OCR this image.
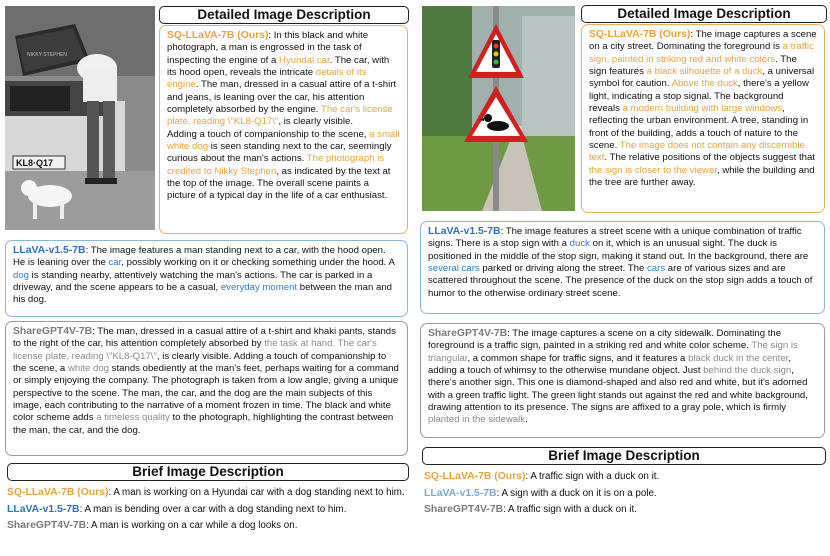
NIKKY STEPHEN
KL8·Q17
Detailed Image Description
SQ-LLaVA-7B (Ours): In this black and white photograph, a man is engrossed in the task of inspecting the engine of a Hyundai car. The car, with its hood open, reveals the intricate details of its engine. The man, dressed in a casual attire of a t-shirt and jeans, is leaning over the car, his attention completely absorbed by the engine. The car's license plate, reading \"KL8-Q17\", is clearly visible.
Adding a touch of companionship to the scene, a small white dog is seen standing next to the car, seemingly curious about the man's actions. The photograph is credited to Nikky Stephen, as indicated by the text at the top of the image. The overall scene paints a picture of a typical day in the life of a car enthusiast.
LLaVA-v1.5-7B: The image features a man standing next to a car, with the hood open. He is leaning over the car, possibly working on it or checking something under the hood. A dog is standing nearby, attentively watching the man's actions. The car is parked in a driveway, and the scene appears to be a casual, everyday moment between the man and his dog.
ShareGPT4V-7B: The man, dressed in a casual attire of a t-shirt and khaki pants, stands to the right of the car, his attention completely absorbed by the task at hand. The car's license plate, reading \"KL8-Q17\", is clearly visible. Adding a touch of companionship to the scene, a white dog stands obediently at the man's feet, perhaps waiting for a command or simply enjoying the company. The photograph is taken from a low angle, giving a unique perspective to the scene. The man, the car, and the dog are the main subjects of this image, each contributing to the narrative of a moment frozen in time. The black and white color scheme adds a timeless quality to the photograph, highlighting the contrast between the man, the car, and the dog.
Brief Image Description
SQ-LLaVA-7B (Ours): A man is working on a Hyundai car with a dog standing next to him.
LLaVA-v1.5-7B: A man is bending over a car with a dog standing next to him.
ShareGPT4V-7B: A man is working on a car while a dog looks on.
Detailed Image Description
SQ-LLaVA-7B (Ours): The image captures a scene on a city street. Dominating the foreground is a traffic sign, painted in striking red and white colors. The sign features a black silhouette of a duck, a universal symbol for caution. Above the duck, there's a yellow light, indicating a stop signal. The background reveals a modern building with large windows, reflecting the urban environment. A tree, standing in front of the building, adds a touch of nature to the scene. The image does not contain any discernible text. The relative positions of the objects suggest that the sign is closer to the viewer, while the building and the tree are further away.
LLaVA-v1.5-7B: The image features a street scene with a unique combination of traffic signs. There is a stop sign with a duck on it, which is an unusual sight. The duck is positioned in the middle of the stop sign, making it stand out. In the background, there are several cars parked or driving along the street. The cars are of various sizes and are scattered throughout the scene. The presence of the duck on the stop sign adds a touch of humor to the otherwise ordinary street scene.
ShareGPT4V-7B: The image captures a scene on a city sidewalk. Dominating the foreground is a traffic sign, painted in a striking red and white color scheme. The sign is triangular, a common shape for traffic signs, and it features a black duck in the center, adding a touch of whimsy to the otherwise mundane object. Just behind the duck sign, there's another sign. This one is diamond-shaped and also red and white, but it's adorned with a green traffic light. The green light stands out against the red and white background, drawing attention to its presence. The signs are affixed to a gray pole, which is firmly planted in the sidewalk.
Brief Image Description
SQ-LLaVA-7B (Ours): A traffic sign with a duck on it.
LLaVA-v1.5-7B: A sign with a duck on it is on a pole.
ShareGPT4V-7B: A traffic sign with a duck on it.
